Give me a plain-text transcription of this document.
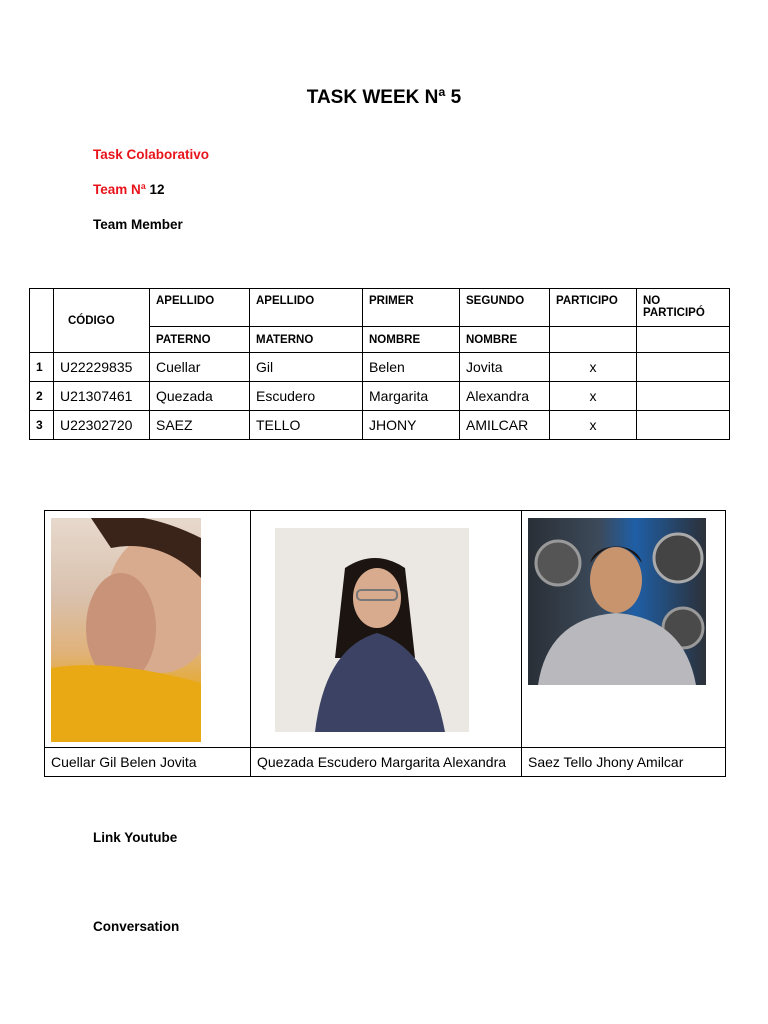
TASK WEEK Nª 5
Task Colaborativo
Team Nª 12
Team Member
	CÓDIGO	APELLIDO	APELLIDO	PRIMER	SEGUNDO	PARTICIPO	NO PARTICIPÓ
		PATERNO	MATERNO	NOMBRE	NOMBRE		
1	U22229835	Cuellar	Gil	Belen	Jovita	x	
2	U21307461	Quezada	Escudero	Margarita	Alexandra	x	
3	U22302720	SAEZ	TELLO	JHONY	AMILCAR	x	

Cuellar Gil Belen Jovita	Quezada Escudero Margarita Alexandra	Saez Tello Jhony Amilcar
Link Youtube
Conversation
